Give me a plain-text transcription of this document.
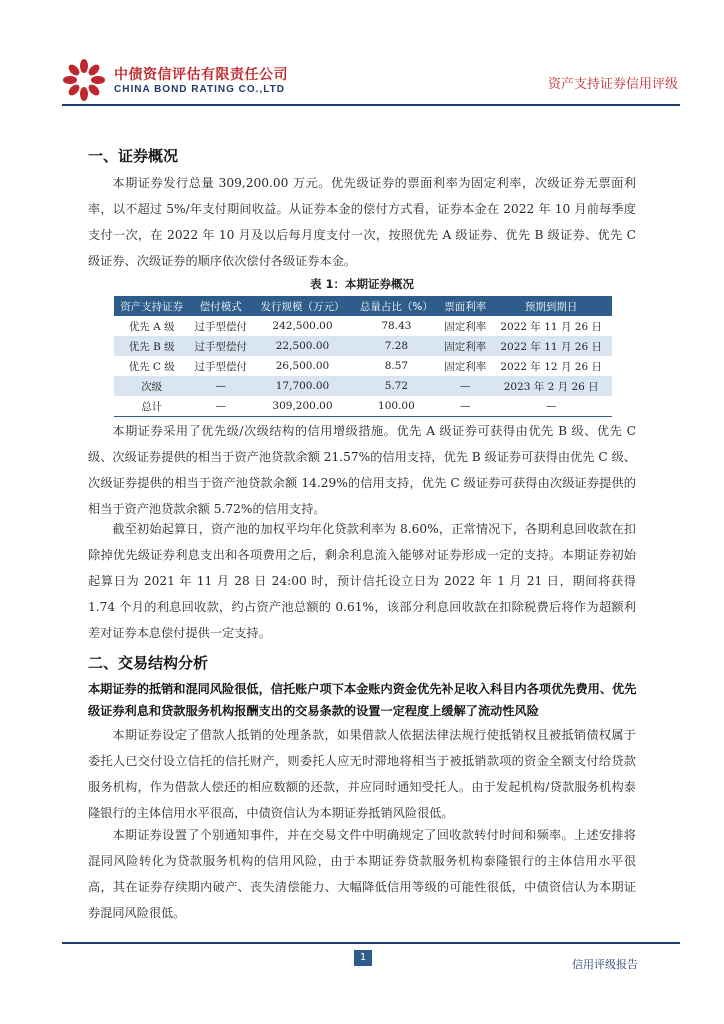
中债资信评估有限责任公司
CHINA BOND RATING CO.,LTD	资产支持证券信用评级
一、证券概况
本期证券发行总量 309,200.00 万元。优先级证券的票面利率为固定利率，次级证券无票面利率，以不超过 5%/年支付期间收益。从证券本金的偿付方式看，证券本金在 2022 年 10 月前每季度支付一次，在 2022 年 10 月及以后每月度支付一次，按照优先 A 级证券、优先 B 级证券、优先 C 级证券、次级证券的顺序依次偿付各级证券本金。
表 1：本期证券概况
资产支持证券	偿付模式	发行规模（万元）	总量占比（%）	票面利率	预期到期日
优先 A 级	过手型偿付	242,500.00	78.43	固定利率	2022 年 11 月 26 日
优先 B 级	过手型偿付	22,500.00	7.28	固定利率	2022 年 11 月 26 日
优先 C 级	过手型偿付	26,500.00	8.57	固定利率	2022 年 12 月 26 日
次级	—	17,700.00	5.72	—	2023 年 2 月 26 日
总计	—	309,200.00	100.00	—	—
本期证券采用了优先级/次级结构的信用增级措施。优先 A 级证券可获得由优先 B 级、优先 C 级、次级证券提供的相当于资产池贷款余额 21.57%的信用支持，优先 B 级证券可获得由优先 C 级、次级证券提供的相当于资产池贷款余额 14.29%的信用支持，优先 C 级证券可获得由次级证券提供的相当于资产池贷款余额 5.72%的信用支持。
截至初始起算日，资产池的加权平均年化贷款利率为 8.60%，正常情况下，各期利息回收款在扣除掉优先级证券利息支出和各项费用之后，剩余利息流入能够对证券形成一定的支持。本期证券初始起算日为 2021 年 11 月 28 日 24:00 时，预计信托设立日为 2022 年 1 月 21 日，期间将获得 1.74 个月的利息回收款，约占资产池总额的 0.61%，该部分利息回收款在扣除税费后将作为超额利差对证券本息偿付提供一定支持。
二、交易结构分析
本期证券的抵销和混同风险很低，信托账户项下本金账内资金优先补足收入科目内各项优先费用、优先级证券利息和贷款服务机构报酬支出的交易条款的设置一定程度上缓解了流动性风险
本期证券设定了借款人抵销的处理条款，如果借款人依据法律法规行使抵销权且被抵销债权属于委托人已交付设立信托的信托财产，则委托人应无时滞地将相当于被抵销款项的资金全额支付给贷款服务机构，作为借款人偿还的相应数额的还款，并应同时通知受托人。由于发起机构/贷款服务机构泰隆银行的主体信用水平很高，中债资信认为本期证券抵销风险很低。
本期证券设置了个别通知事件，并在交易文件中明确规定了回收款转付时间和频率。上述安排将混同风险转化为贷款服务机构的信用风险，由于本期证券贷款服务机构泰隆银行的主体信用水平很高，其在证券存续期内破产、丧失清偿能力、大幅降低信用等级的可能性很低，中债资信认为本期证券混同风险很低。
1
信用评级报告
